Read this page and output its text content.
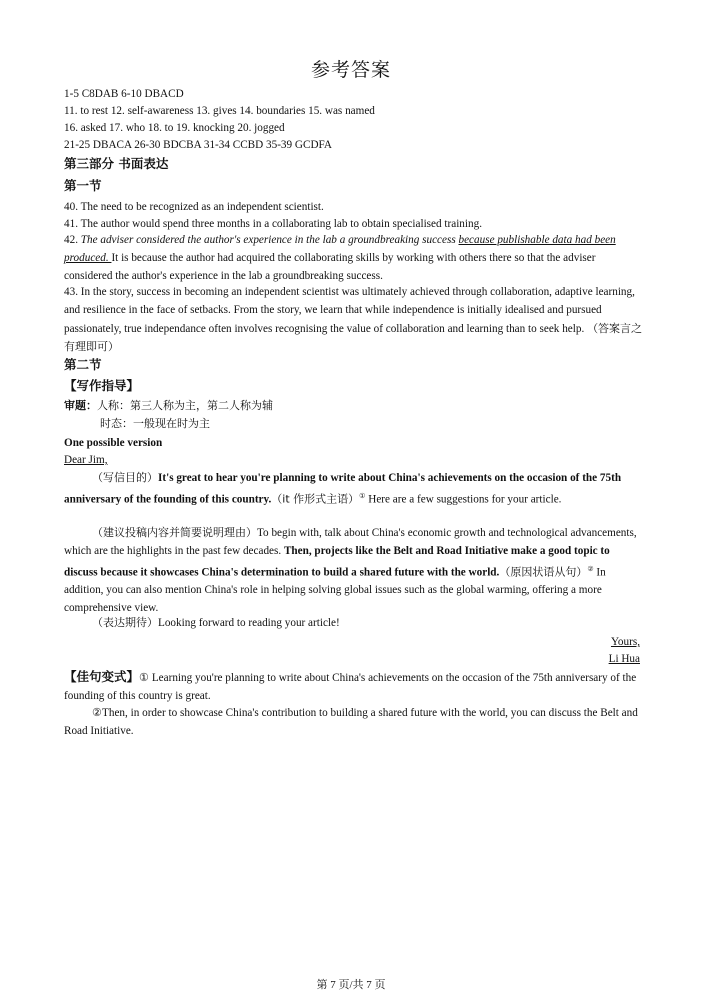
参考答案
1-5 C8DAB 6-10 DBACD
11. to rest 12. self-awareness 13. gives 14. boundaries 15. was named
16. asked 17. who 18. to 19. knocking 20. jogged
21-25 DBACA 26-30 BDCBA 31-34 CCBD 35-39 GCDFA
第三部分 书面表达
第一节
40. The need to be recognized as an independent scientist.
41. The author would spend three months in a collaborating lab to obtain specialised training.
42. The adviser considered the author's experience in the lab a groundbreaking success because publishable data had been produced. It is because the author had acquired the collaborating skills by working with others there so that the adviser considered the author's experience in the lab a groundbreaking success.
43. In the story, success in becoming an independent scientist was ultimately achieved through collaboration, adaptive learning, and resilience in the face of setbacks. From the story, we learn that while independence is initially idealised and pursued passionately, true independance often involves recognising the value of collaboration and learning than to seek help. （答案言之有理即可）
第二节
【写作指导】
审题：人称：第三人称为主，第二人称为辅
时态：一般现在时为主
One possible version
Dear Jim,
（写信目的）It's great to hear you're planning to write about China's achievements on the occasion of the 75th anniversary of the founding of this country.（it 作形式主语）① Here are a few suggestions for your article.
（建议投稿内容并简要说明理由）To begin with, talk about China's economic growth and technological advancements, which are the highlights in the past few decades. Then, projects like the Belt and Road Initiative make a good topic to discuss because it showcases China's determination to build a shared future with the world.（原因状语从句）② In addition, you can also mention China's role in helping solving global issues such as the global warming, offering a more comprehensive view.
（表达期待）Looking forward to reading your article!
Yours,
Li Hua
【佳句变式】① Learning you're planning to write about China's achievements on the occasion of the 75th anniversary of the founding of this country is great.
②Then, in order to showcase China's contribution to building a shared future with the world, you can discuss the Belt and Road Initiative.
第 7 页/共 7 页
